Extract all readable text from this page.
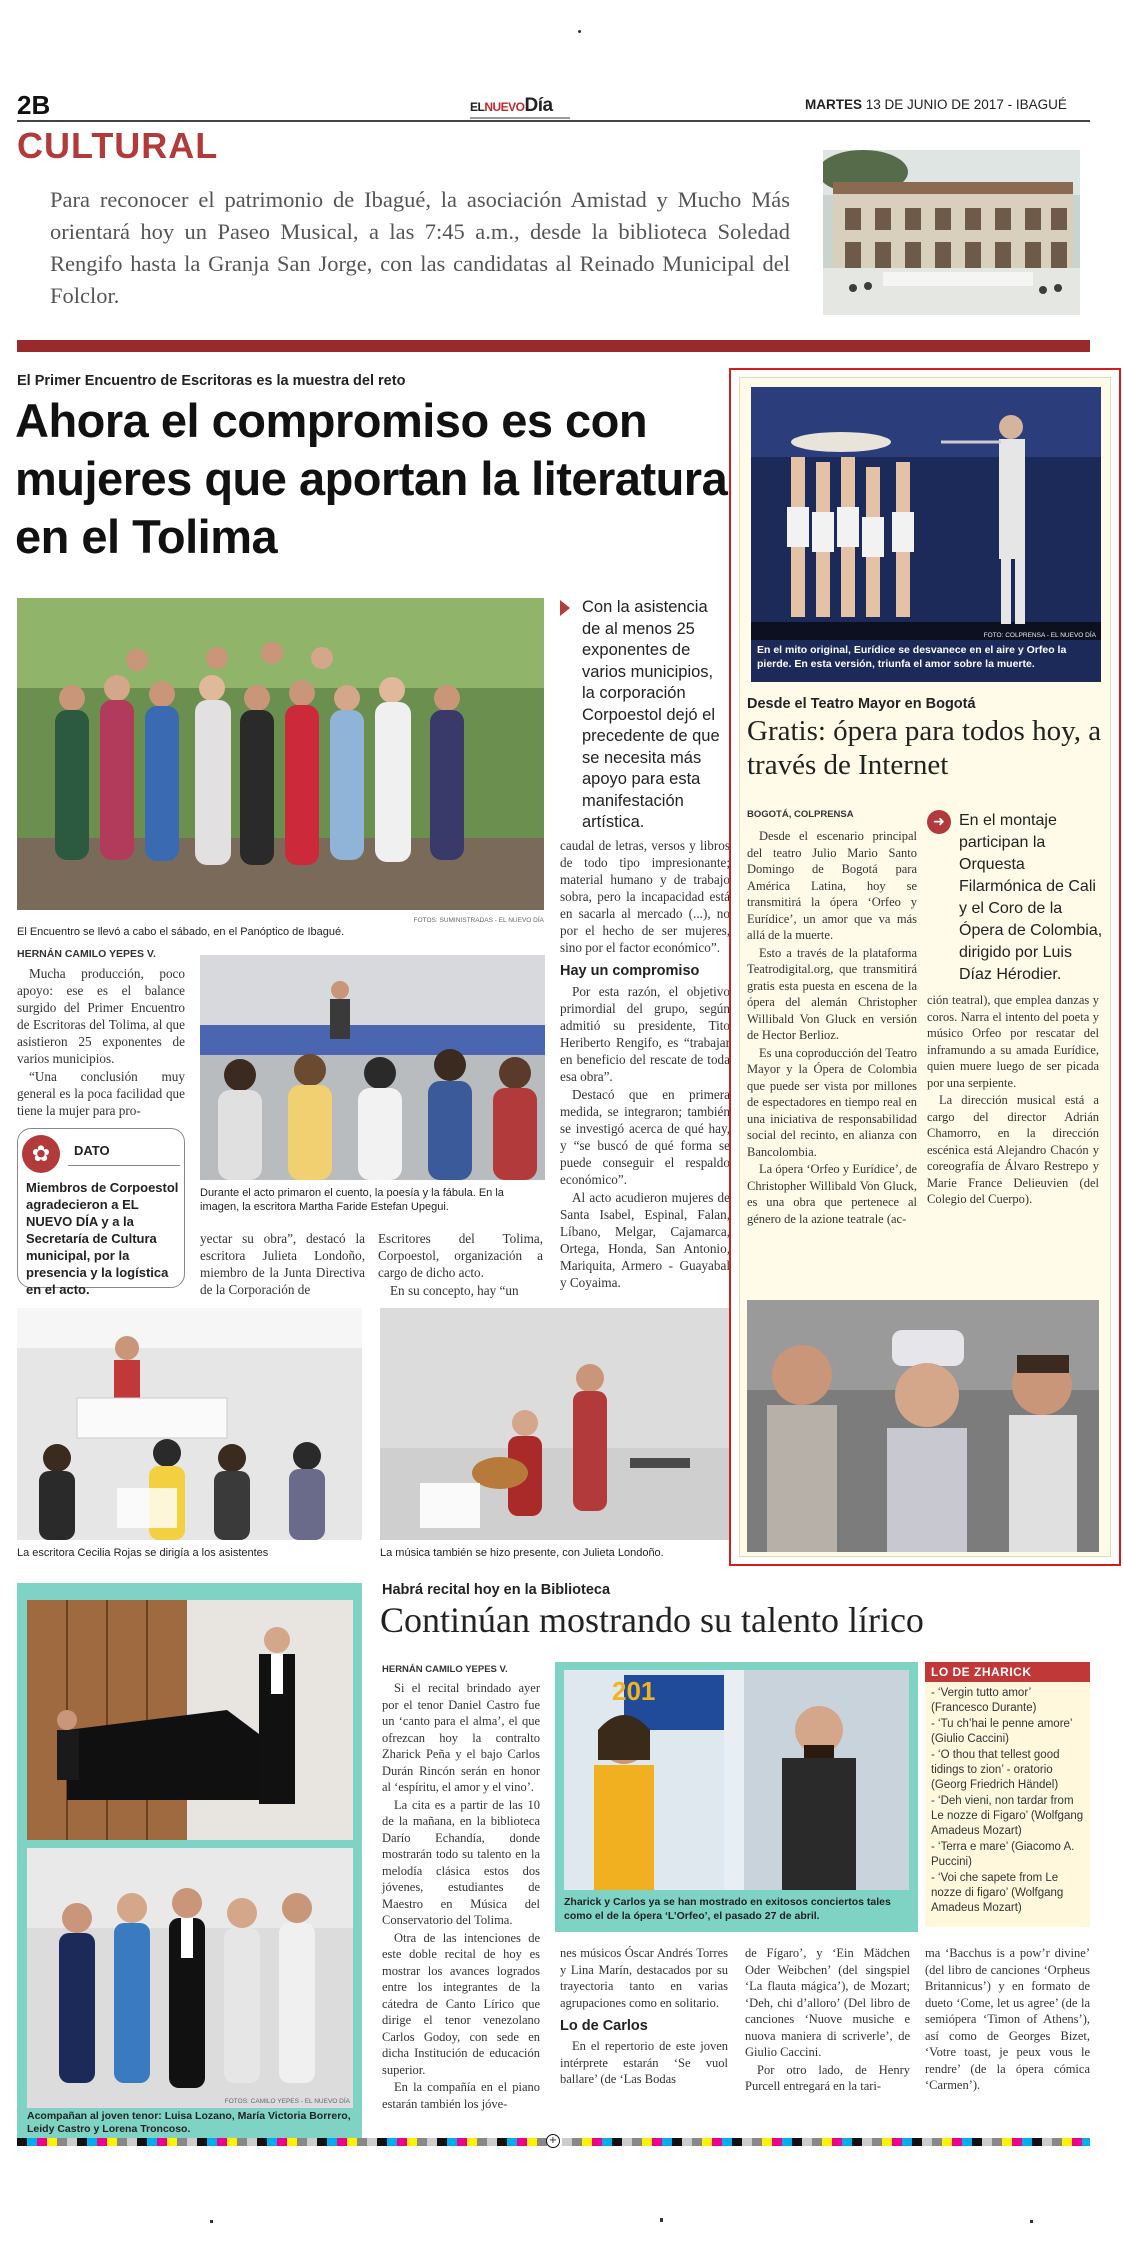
2B	ELNUEVODía	MARTES 13 DE JUNIO DE 2017 - IBAGUÉ
CULTURAL
Para reconocer el patrimonio de Ibagué, la asociación Amistad y Mucho Más orientará hoy un Paseo Musical, a las 7:45 a.m., desde la biblioteca Soledad Rengifo hasta la Granja San Jorge, con las candidatas al Reinado Municipal del Folclor.
El Primer Encuentro de Escritoras es la muestra del reto
Ahora el compromiso es con mujeres que aportan la literatura en el Tolima
FOTOS: SUMINISTRADAS - EL NUEVO DÍA
El Encuentro se llevó a cabo el sábado, en el Panóptico de Ibagué.
Con la asistencia de al menos 25 exponentes de varios municipios, la corporación Corpoestol dejó el precedente de que se necesita más apoyo para esta manifestación artística.
HERNÁN CAMILO YEPES V.

Mucha producción, poco apoyo: ese es el balance surgido del Primer Encuentro de Escritoras del Tolima, al que asistieron 25 exponentes de varios municipios.

“Una conclusión muy general es la poca facilidad que tiene la mujer para pro-

✿	DATO
Miembros de Corpoestol agradecieron a EL NUEVO DÍA y a la Secretaría de Cultura municipal, por la presencia y la logística en el acto.
Durante el acto primaron el cuento, la poesía y la fábula. En la imagen, la escritora Martha Faride Estefan Upegui.

yectar su obra”, destacó la escritora Julieta Londoño, miembro de la Junta Directiva de la Corporación de

Escritores del Tolima, Corpoestol, organización a cargo de dicho acto.

En su concepto, hay “un

caudal de letras, versos y libros de todo tipo impresionante; material humano y de trabajo sobra, pero la incapacidad está en sacarla al mercado (...), no por el hecho de ser mujeres, sino por el factor económico”.

Hay un compromiso

Por esta razón, el objetivo primordial del grupo, según admitió su presidente, Tito Heriberto Rengifo, es “trabajar en beneficio del rescate de toda esa obra”.

Destacó que en primera medida, se integraron; también se investigó acerca de qué hay, y “se buscó de qué forma se puede conseguir el respaldo económico”.

Al acto acudieron mujeres de Santa Isabel, Espinal, Falan, Líbano, Melgar, Cajamarca, Ortega, Honda, San Antonio, Mariquita, Armero - Guayabal y Coyaima.

La escritora Cecilia Rojas se dirigía a los asistentes	La música también se hizo presente, con Julieta Londoño.
FOTO: COLPRENSA - EL NUEVO DÍA
En el mito original, Eurídice se desvanece en el aire y Orfeo la pierde. En esta versión, triunfa el amor sobre la muerte.
Desde el Teatro Mayor en Bogotá
Gratis: ópera para todos hoy, a través de Internet
BOGOTÁ, COLPRENSA

Desde el escenario principal del teatro Julio Mario Santo Domingo de Bogotá para América Latina, hoy se transmitirá la ópera ‘Orfeo y Eurídice’, un amor que va más allá de la muerte.

Esto a través de la plataforma Teatrodigital.org, que transmitirá gratis esta puesta en escena de la ópera del alemán Christopher Willibald Von Gluck en versión de Hector Berlioz.

Es una coproducción del Teatro Mayor y la Ópera de Colombia que puede ser vista por millones de espectadores en tiempo real en una iniciativa de responsabilidad social del recinto, en alianza con Bancolombia.

La ópera ‘Orfeo y Eurídice’, de Christopher Willibald Von Gluck, es una obra que pertenece al género de la azione teatrale (ac-

➜ En el montaje participan la Orquesta Filarmónica de Cali y el Coro de la Ópera de Colombia, dirigido por Luis Díaz Hérodier.

ción teatral), que emplea danzas y coros. Narra el intento del poeta y músico Orfeo por rescatar del inframundo a su amada Eurídice, quien muere luego de ser picada por una serpiente.

La dirección musical está a cargo del director Adrián Chamorro, en la dirección escénica está Alejandro Chacón y coreografía de Álvaro Restrepo y Marie France Delieuvien (del Colegio del Cuerpo).

FOTOS: CAMILO YEPES - EL NUEVO DÍA
Acompañan al joven tenor: Luisa Lozano, María Victoria Borrero, Leidy Castro y Lorena Troncoso.
Habrá recital hoy en la Biblioteca
Continúan mostrando su talento lírico
HERNÁN CAMILO YEPES V.

Si el recital brindado ayer por el tenor Daniel Castro fue un ‘canto para el alma’, el que ofrezcan hoy la contralto Zharick Peña y el bajo Carlos Durán Rincón serán en honor al ‘espíritu, el amor y el vino’.

La cita es a partir de las 10 de la mañana, en la biblioteca Darío Echandía, donde mostrarán todo su talento en la melodía clásica estos dos jóvenes, estudiantes de Maestro en Música del Conservatorio del Tolima.

Otra de las intenciones de este doble recital de hoy es mostrar los avances logrados entre los integrantes de la cátedra de Canto Lírico que dirige el tenor venezolano Carlos Godoy, con sede en dicha Institución de educación superior.

En la compañía en el piano estarán también los jóve-

201
Zharick y Carlos ya se han mostrado en exitosos conciertos tales como el de la ópera ‘L’Orfeo’, el pasado 27 de abril.

nes músicos Óscar Andrés Torres y Lina Marín, destacados por su trayectoria tanto en varias agrupaciones como en solitario.

Lo de Carlos

En el repertorio de este joven intérprete estarán ‘Se vuol ballare’ (de ‘Las Bodas

de Fígaro’, y ‘Ein Mädchen Oder Weibchen’ (del singspiel ‘La flauta mágica’), de Mozart; ‘Deh, chi d’alloro’ (Del libro de canciones ‘Nuove musiche e nuova maniera di scriverle’, de Giulio Caccini.

Por otro lado, de Henry Purcell entregará en la tari-

LO DE ZHARICK
- ‘Vergin tutto amor’ (Francesco Durante)
- ‘Tu ch’hai le penne amore’ (Giulio Caccini)
- ‘O thou that tellest good tidings to zion’ - oratorio (Georg Friedrich Händel)
- ‘Deh vieni, non tardar from Le nozze di Figaro’ (Wolfgang Amadeus Mozart)
- ‘Terra e mare’ (Giacomo A. Puccini)
- ‘Voi che sapete from Le nozze di figaro’ (Wolfgang Amadeus Mozart)

ma ‘Bacchus is a pow’r divine’ (del libro de canciones ‘Orpheus Britannicus’) y en formato de dueto ‘Come, let us agree’ (de la semiópera ‘Timon of Athens’), así como de Georges Bizet, ‘Votre toast, je peux vous le rendre’ (de la ópera cómica ‘Carmen’).

+
